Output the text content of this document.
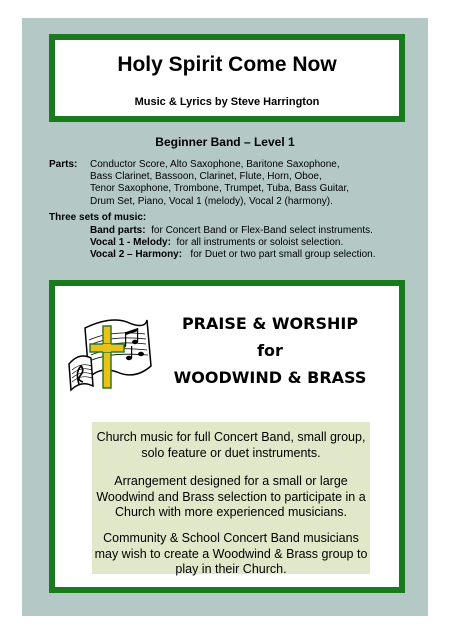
Holy Spirit Come Now
Music & Lyrics by Steve Harrington
Beginner Band – Level 1
Parts: Conductor Score, Alto Saxophone, Baritone Saxophone,
Bass Clarinet, Bassoon, Clarinet, Flute, Horn, Oboe,
Tenor Saxophone, Trombone, Trumpet, Tuba, Bass Guitar,
Drum Set, Piano, Vocal 1 (melody), Vocal 2 (harmony).
Three sets of music:
Band parts:  for Concert Band or Flex-Band select instruments.
Vocal 1 - Melody:  for all instruments or soloist selection.
Vocal 2 – Harmony:   for Duet or two part small group selection.
PRAISE & WORSHIP
for
WOODWIND & BRASS

Church music for full Concert Band, small group, solo feature or duet instruments.

Arrangement designed for a small or large Woodwind and Brass selection to participate in a Church with more experienced musicians.

Community & School Concert Band musicians may wish to create a Woodwind & Brass group to play in their Church.
